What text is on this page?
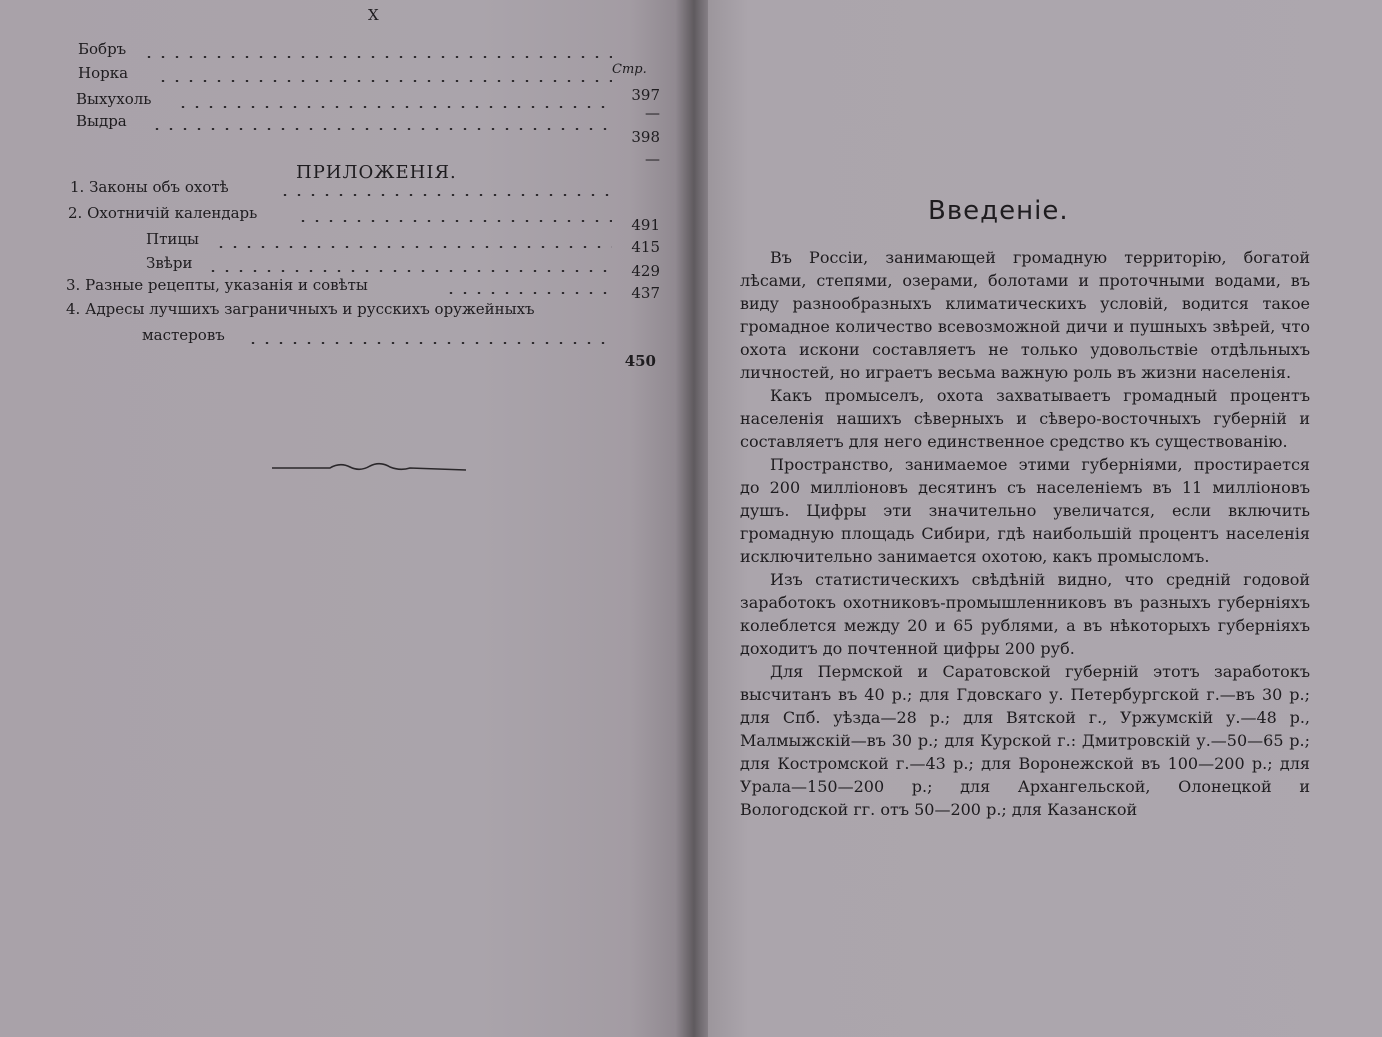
X
Стр.
Бобръ
Норка
397
Выхухоль
—
Выдра
398
—
ПРИЛОЖЕНІЯ.
1. Законы объ охотѣ
491
2. Охотничій календарь
415
Птицы
429
Звѣри
437
3. Разные рецепты, указанія и совѣты
4. Адресы лучшихъ заграничныхъ и русскихъ оружейныхъ
мастеровъ
450
Введеніе.

Въ Россіи, занимающей громадную территорію, богатой лѣсами, степями, озерами, болотами и проточными водами, въ виду разнообразныхъ климатическихъ условій, водится такое громадное количество всевозможной дичи и пушныхъ звѣрей, что охота искони составляетъ не только удовольствіе отдѣльныхъ личностей, но играетъ весьма важную роль въ жизни населенія.

Какъ промыселъ, охота захватываетъ громадный процентъ населенія нашихъ сѣверныхъ и сѣверо-восточныхъ губерній и составляетъ для него единственное средство къ существованію.

Пространство, занимаемое этими губерніями, простирается до 200 милліоновъ десятинъ съ населеніемъ въ 11 милліоновъ душъ. Цифры эти значительно увеличатся, если включить громадную площадь Сибири, гдѣ наибольшій процентъ населенія исключительно занимается охотою, какъ промысломъ.

Изъ статистическихъ свѣдѣній видно, что средній годовой заработокъ охотниковъ-промышленниковъ въ разныхъ губерніяхъ колеблется между 20 и 65 рублями, а въ нѣкоторыхъ губерніяхъ доходитъ до почтенной цифры 200 руб.

Для Пермской и Саратовской губерній этотъ заработокъ высчитанъ въ 40 р.; для Гдовскаго у. Петербургской г.—въ 30 р.; для Спб. уѣзда—28 р.; для Вятской г., Уржумскій у.—48 р., Малмыжскій—въ 30 р.; для Курской г.: Дмитровскій у.—50—65 р.; для Костромской г.—43 р.; для Воронежской въ 100—200 р.; для Урала—150—200 р.; для Архангельской, Олонецкой и Вологодской гг. отъ 50—200 р.; для Казанской
